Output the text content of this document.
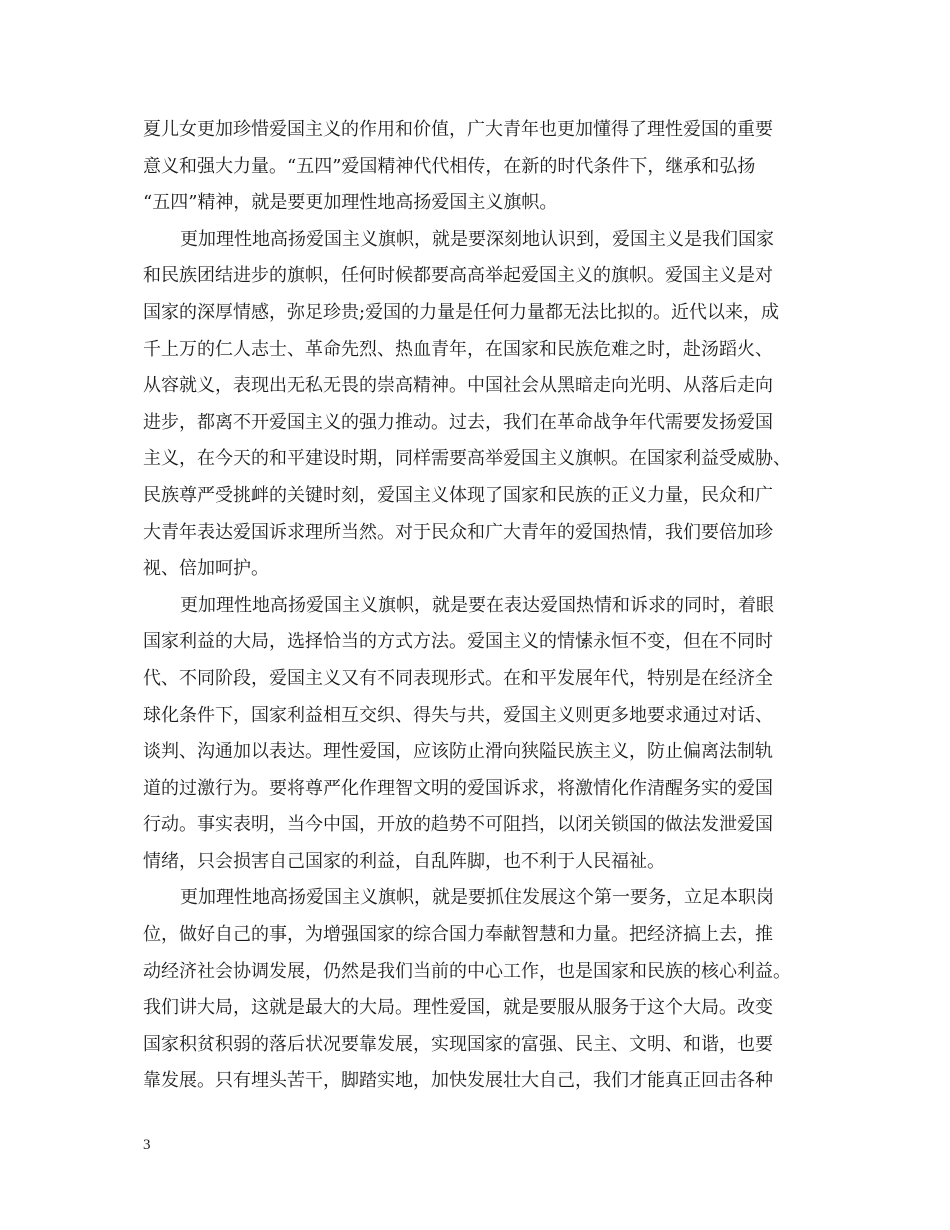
夏儿女更加珍惜爱国主义的作用和价值，广大青年也更加懂得了理性爱国的重要
意义和强大力量。“五四”爱国精神代代相传，在新的时代条件下，继承和弘扬
“五四”精神，就是要更加理性地高扬爱国主义旗帜。
更加理性地高扬爱国主义旗帜，就是要深刻地认识到，爱国主义是我们国家
和民族团结进步的旗帜，任何时候都要高高举起爱国主义的旗帜。爱国主义是对
国家的深厚情感，弥足珍贵;爱国的力量是任何力量都无法比拟的。近代以来，成
千上万的仁人志士、革命先烈、热血青年，在国家和民族危难之时，赴汤蹈火、
从容就义，表现出无私无畏的崇高精神。中国社会从黑暗走向光明、从落后走向
进步，都离不开爱国主义的强力推动。过去，我们在革命战争年代需要发扬爱国
主义，在今天的和平建设时期，同样需要高举爱国主义旗帜。在国家利益受威胁、
民族尊严受挑衅的关键时刻，爱国主义体现了国家和民族的正义力量，民众和广
大青年表达爱国诉求理所当然。对于民众和广大青年的爱国热情，我们要倍加珍
视、倍加呵护。
更加理性地高扬爱国主义旗帜，就是要在表达爱国热情和诉求的同时，着眼
国家利益的大局，选择恰当的方式方法。爱国主义的情愫永恒不变，但在不同时
代、不同阶段，爱国主义又有不同表现形式。在和平发展年代，特别是在经济全
球化条件下，国家利益相互交织、得失与共，爱国主义则更多地要求通过对话、
谈判、沟通加以表达。理性爱国，应该防止滑向狭隘民族主义，防止偏离法制轨
道的过激行为。要将尊严化作理智文明的爱国诉求，将激情化作清醒务实的爱国
行动。事实表明，当今中国，开放的趋势不可阻挡，以闭关锁国的做法发泄爱国
情绪，只会损害自己国家的利益，自乱阵脚，也不利于人民福祉。
更加理性地高扬爱国主义旗帜，就是要抓住发展这个第一要务，立足本职岗
位，做好自己的事，为增强国家的综合国力奉献智慧和力量。把经济搞上去，推
动经济社会协调发展，仍然是我们当前的中心工作，也是国家和民族的核心利益。
我们讲大局，这就是最大的大局。理性爱国，就是要服从服务于这个大局。改变
国家积贫积弱的落后状况要靠发展，实现国家的富强、民主、文明、和谐，也要
靠发展。只有埋头苦干，脚踏实地，加快发展壮大自己，我们才能真正回击各种
3
